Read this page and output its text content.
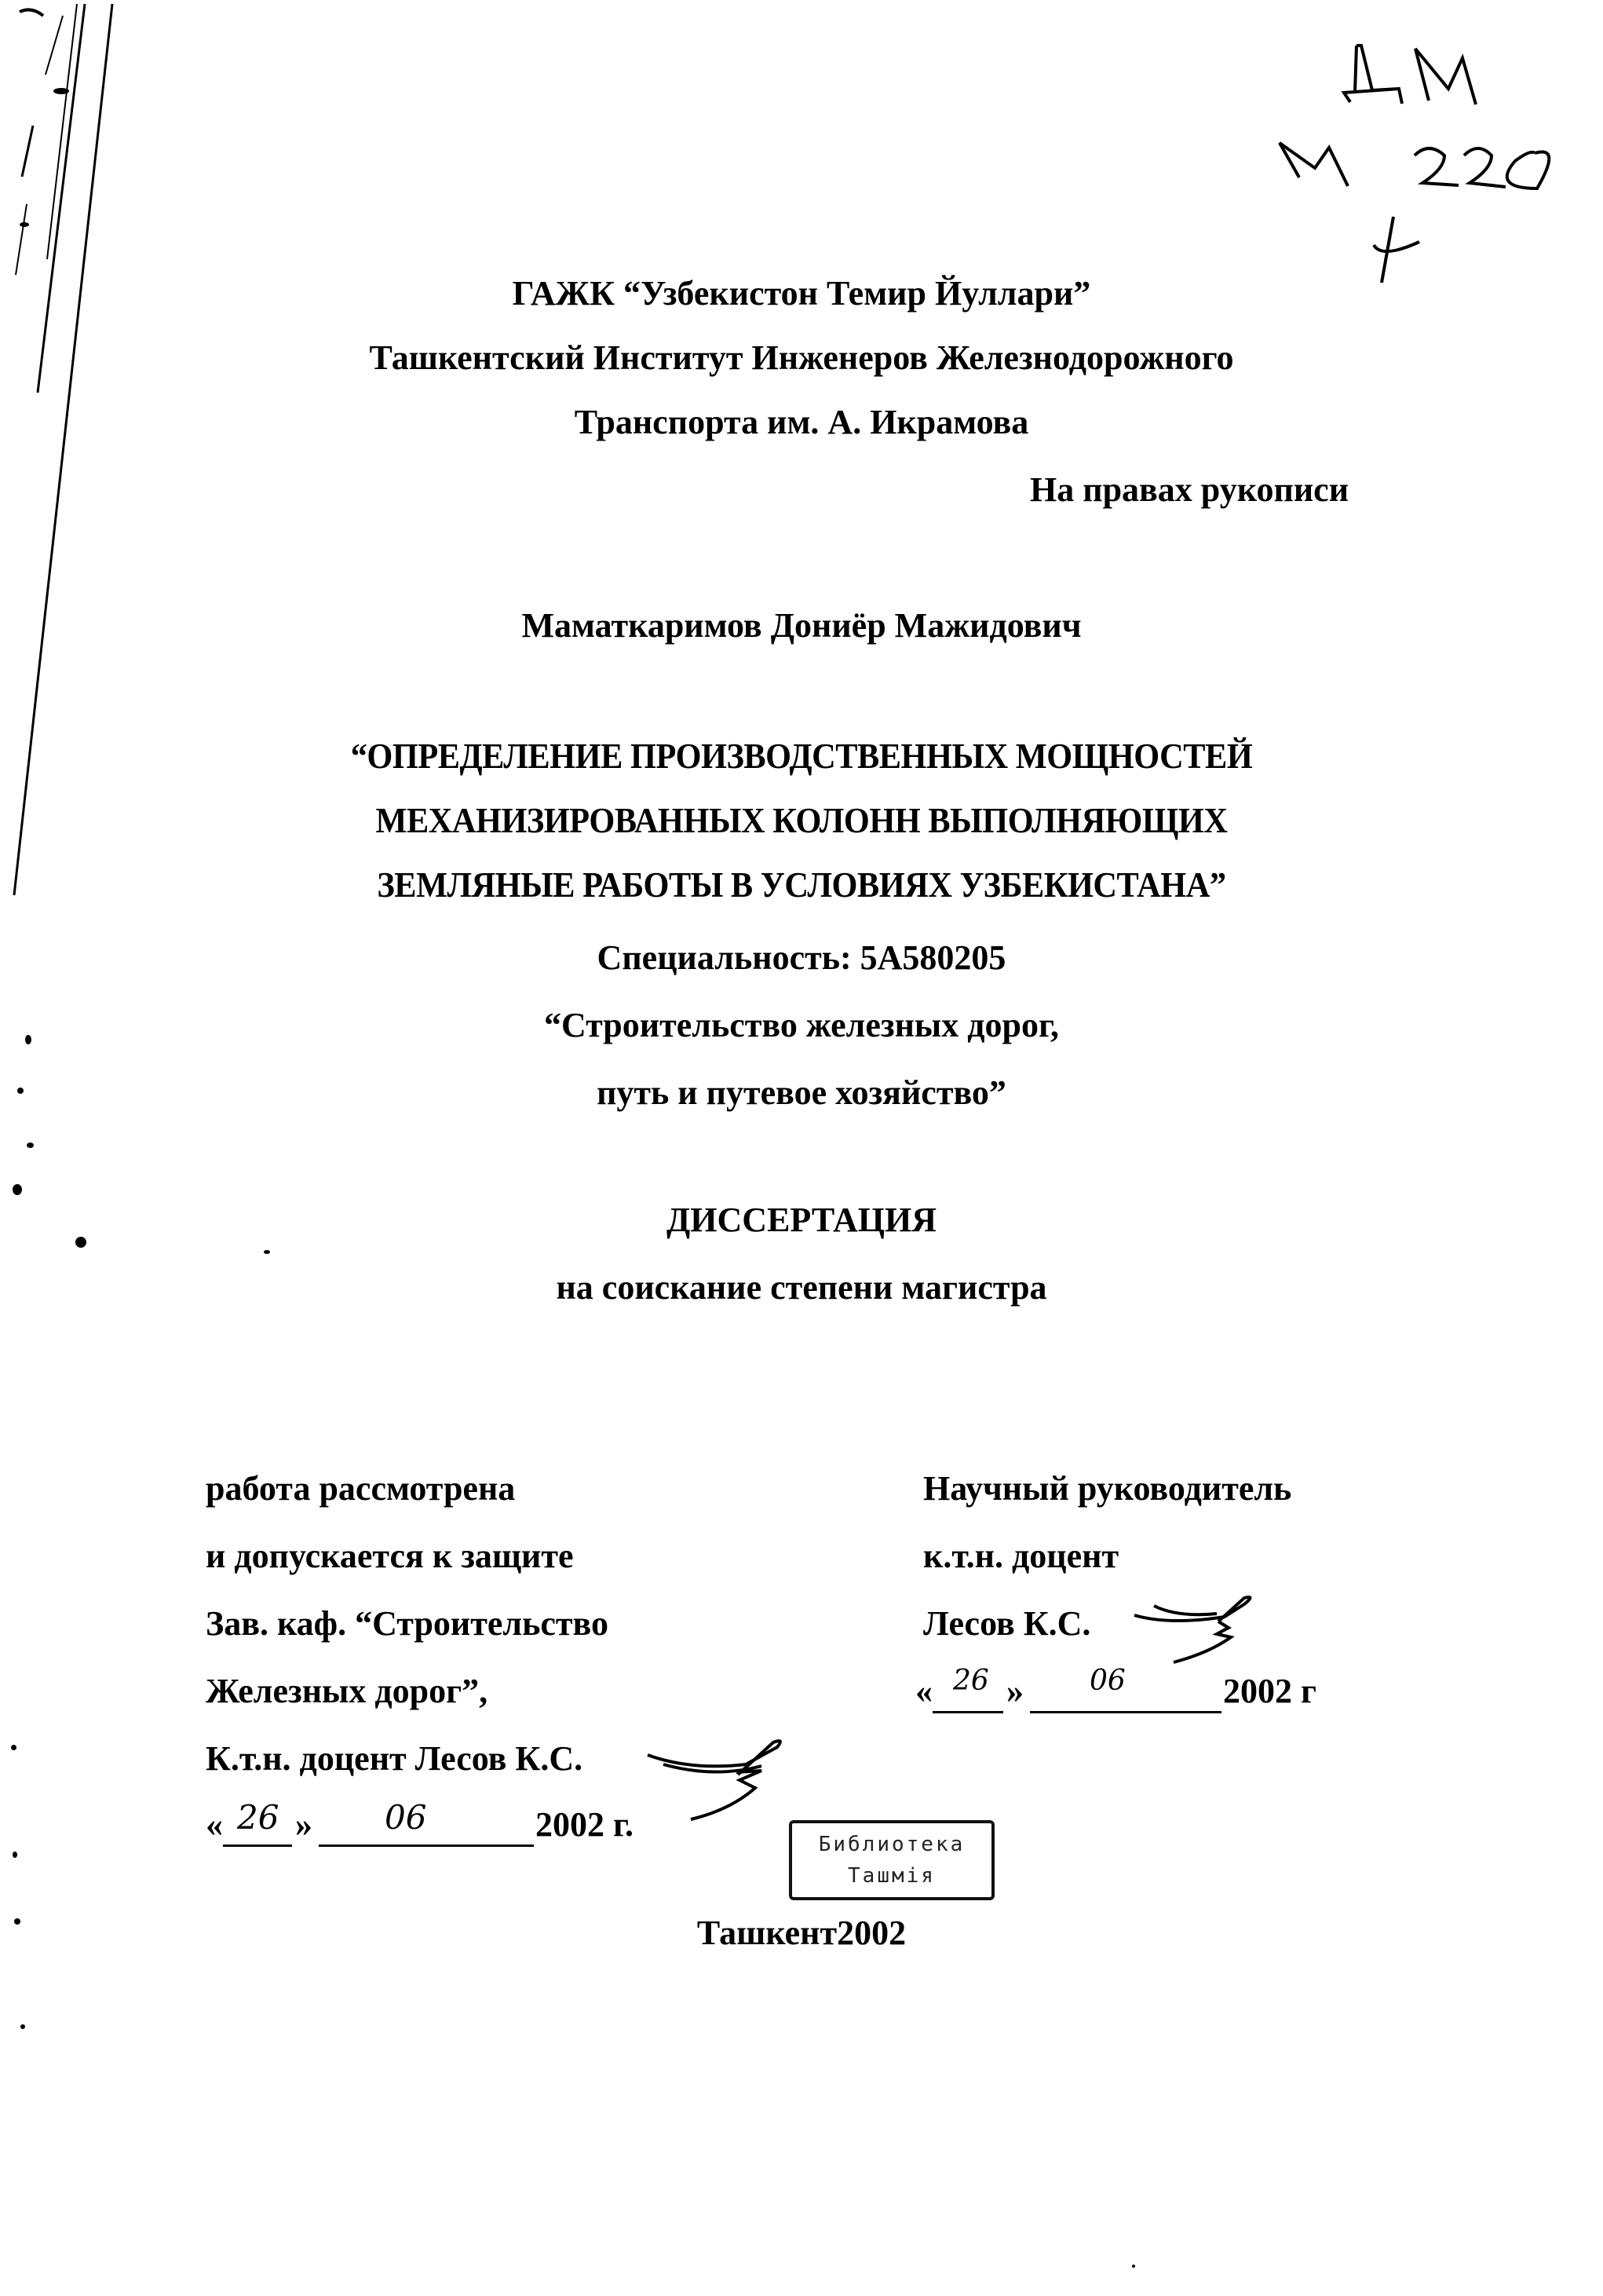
ГАЖК “Узбекистон Темир Йуллари”
Ташкентский Институт Инженеров Железнодорожного
Транспорта им. А. Икрамова
На правах рукописи
Маматкаримов Дониёр Мажидович
“ОПРЕДЕЛЕНИЕ ПРОИЗВОДСТВЕННЫХ МОЩНОСТЕЙ
МЕХАНИЗИРОВАННЫХ КОЛОНН ВЫПОЛНЯЮЩИХ
ЗЕМЛЯНЫЕ РАБОТЫ В УСЛОВИЯХ УЗБЕКИСТАНА”
Специальность: 5А580205
“Строительство железных дорог,
путь и путевое хозяйство”
ДИССЕРТАЦИЯ
на соискание степени магистра
работа рассмотрена
и допускается к защите
Зав. каф. “Строительство
Железных дорог”,
К.т.н. доцент Лесов К.С.
« 26 » 06	2002 г.
Научный руководитель
к.т.н. доцент
Лесов К.С.
« 26 » 06	2002 г
Библиотека
Ташмія
Ташкент2002
